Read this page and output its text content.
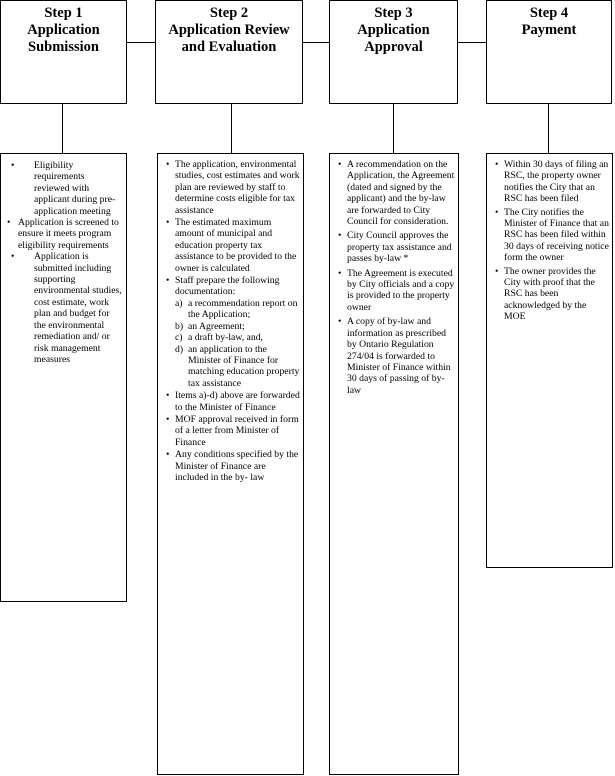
Step 1
Application
Submission
Step 2
Application Review
and Evaluation
Step 3
Application
Approval
Step 4
Payment
• Eligibility requirements reviewed with applicant during pre-application meeting
• Application is screened to ensure it meets program eligibility requirements
• Application is submitted including supporting environmental studies, cost estimate, work plan and budget for the environmental remediation and/ or risk management measures
• The application, environmental studies, cost estimates and work plan are reviewed by staff to determine costs eligible for tax assistance
• The estimated maximum amount of municipal and education property tax assistance to be provided to the owner is calculated
• Staff prepare the following documentation:
a) a recommendation report on the Application;
b) an Agreement;
c) a draft by-law, and,
d) an application to the Minister of Finance for matching education property tax assistance
• Items a)-d) above are forwarded to the Minister of Finance
• MOF approval received in form of a letter from Minister of Finance
• Any conditions specified by the Minister of Finance are included in the by- law
• A recommendation on the Application, the Agreement (dated and signed by the applicant) and the by-law are forwarded to City Council for consideration.
• City Council approves the property tax assistance and passes by-law *
• The Agreement is executed by City officials and a copy is provided to the property owner
• A copy of by-law and information as prescribed by Ontario Regulation 274/04 is forwarded to Minister of Finance within 30 days of passing of by-law
• Within 30 days of filing an RSC, the property owner notifies the City that an RSC has been filed
• The City notifies the Minister of Finance that an RSC has been filed within 30 days of receiving notice form the owner
• The owner provides the City with proof that the RSC has been acknowledged by the MOE
